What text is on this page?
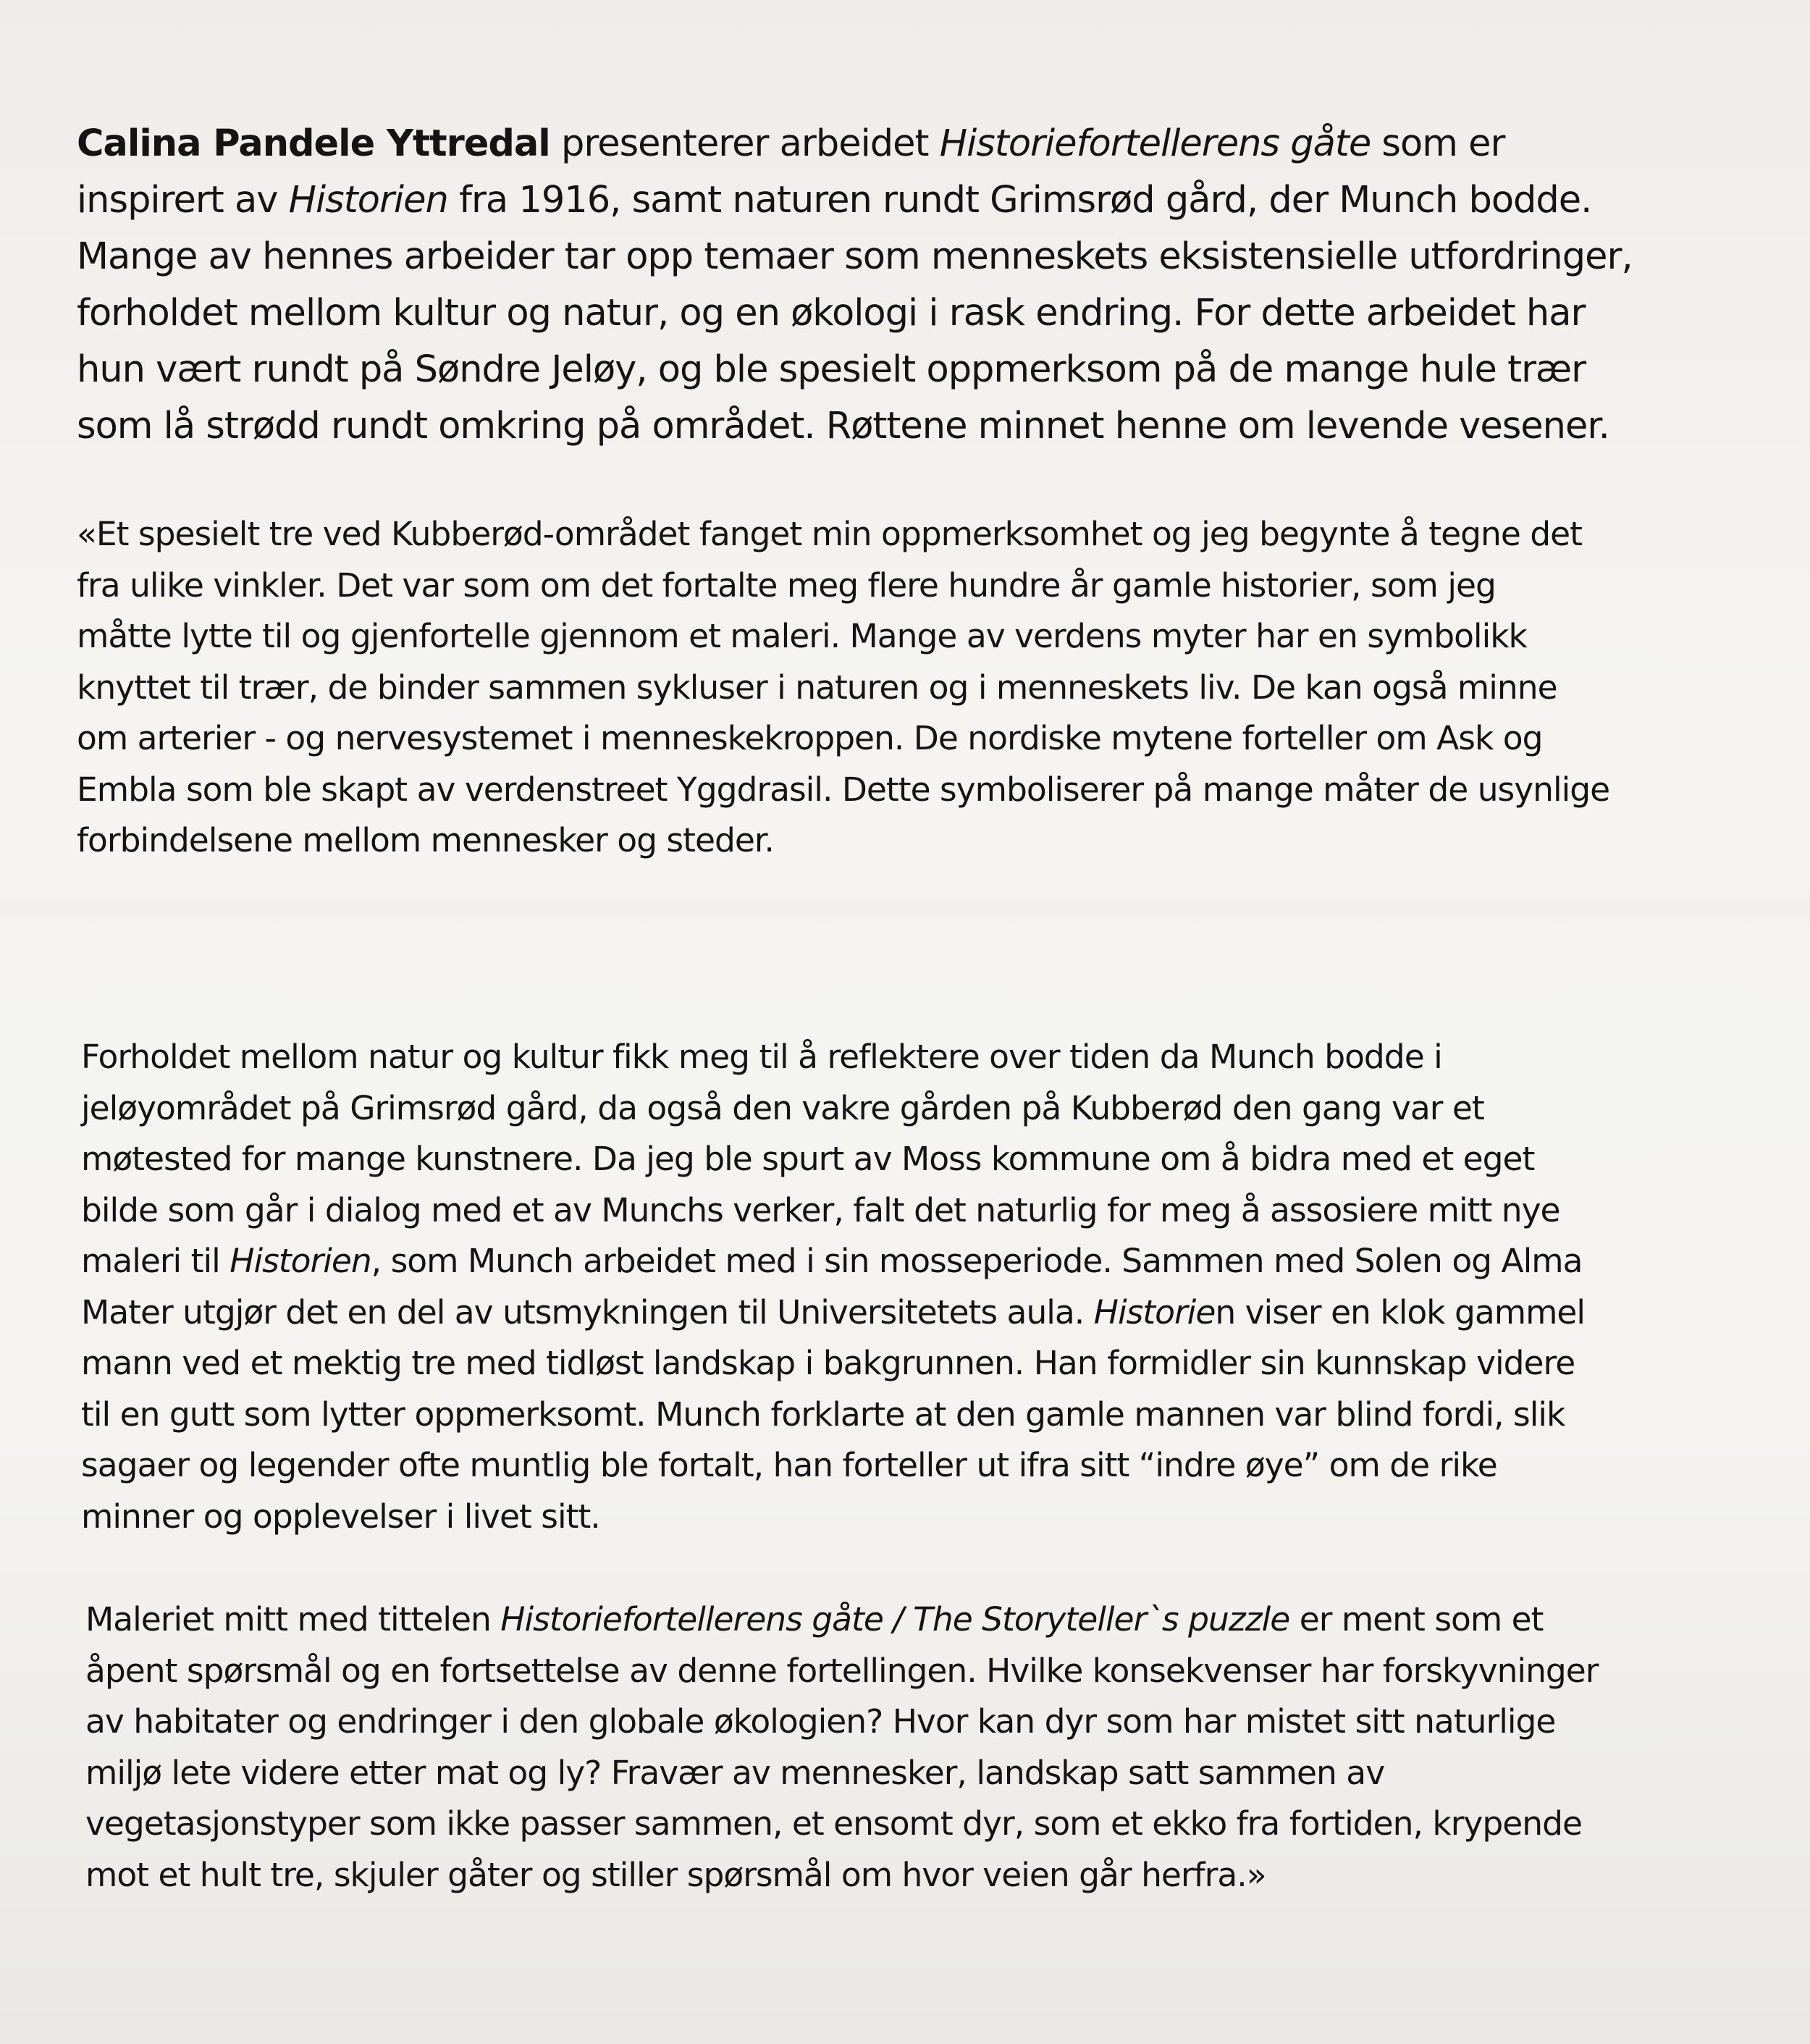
Calina Pandele Yttredal presenterer arbeidet Historiefortellerens gåte som er
inspirert av Historien fra 1916, samt naturen rundt Grimsrød gård, der Munch bodde.
Mange av hennes arbeider tar opp temaer som menneskets eksistensielle utfordringer,
forholdet mellom kultur og natur, og en økologi i rask endring. For dette arbeidet har
hun vært rundt på Søndre Jeløy, og ble spesielt oppmerksom på de mange hule trær
som lå strødd rundt omkring på området. Røttene minnet henne om levende vesener.

«Et spesielt tre ved Kubberød-området fanget min oppmerksomhet og jeg begynte å tegne det
fra ulike vinkler. Det var som om det fortalte meg flere hundre år gamle historier, som jeg
måtte lytte til og gjenfortelle gjennom et maleri. Mange av verdens myter har en symbolikk
knyttet til trær, de binder sammen sykluser i naturen og i menneskets liv. De kan også minne
om arterier - og nervesystemet i menneskekroppen. De nordiske mytene forteller om Ask og
Embla som ble skapt av verdenstreet Yggdrasil. Dette symboliserer på mange måter de usynlige
forbindelsene mellom mennesker og steder.

Forholdet mellom natur og kultur fikk meg til å reflektere over tiden da Munch bodde i
jeløyområdet på Grimsrød gård, da også den vakre gården på Kubberød den gang var et
møtested for mange kunstnere. Da jeg ble spurt av Moss kommune om å bidra med et eget
bilde som går i dialog med et av Munchs verker, falt det naturlig for meg å assosiere mitt nye
maleri til Historien, som Munch arbeidet med i sin mosseperiode. Sammen med Solen og Alma
Mater utgjør det en del av utsmykningen til Universitetets aula. Historien viser en klok gammel
mann ved et mektig tre med tidløst landskap i bakgrunnen. Han formidler sin kunnskap videre
til en gutt som lytter oppmerksomt. Munch forklarte at den gamle mannen var blind fordi, slik
sagaer og legender ofte muntlig ble fortalt, han forteller ut ifra sitt “indre øye” om de rike
minner og opplevelser i livet sitt.

Maleriet mitt med tittelen Historiefortellerens gåte / The Storyteller`s puzzle er ment som et
åpent spørsmål og en fortsettelse av denne fortellingen. Hvilke konsekvenser har forskyvninger
av habitater og endringer i den globale økologien? Hvor kan dyr som har mistet sitt naturlige
miljø lete videre etter mat og ly? Fravær av mennesker, landskap satt sammen av
vegetasjonstyper som ikke passer sammen, et ensomt dyr, som et ekko fra fortiden, krypende
mot et hult tre, skjuler gåter og stiller spørsmål om hvor veien går herfra.»
